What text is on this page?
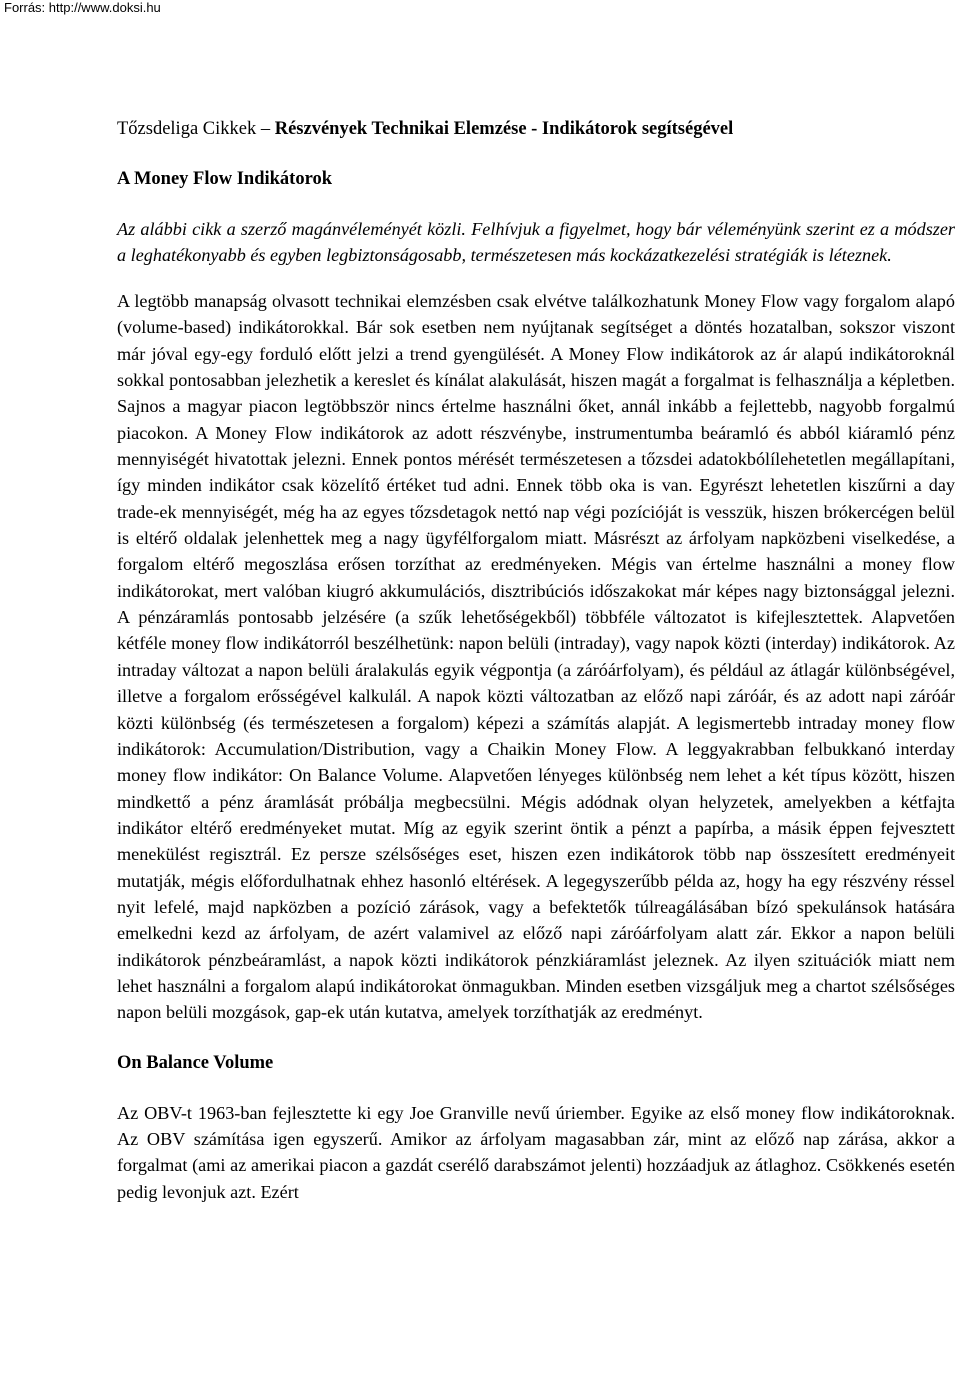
Forrás: http://www.doksi.hu

Tőzsdeliga Cikkek – Részvények Technikai Elemzése - Indikátorok segítségével

A Money Flow Indikátorok

Az alábbi cikk a szerző magánvéleményét közli. Felhívjuk a figyelmet, hogy bár véleményünk szerint ez a módszer a leghatékonyabb és egyben legbiztonságosabb, természetesen más kockázatkezelési stratégiák is léteznek.

A legtöbb manapság olvasott technikai elemzésben csak elvétve találkozhatunk Money Flow vagy forgalom alapó (volume-based) indikátorokkal. Bár sok esetben nem nyújtanak segítséget a döntés hozatalban, sokszor viszont már jóval egy-egy forduló előtt jelzi a trend gyengülését. A Money Flow indikátorok az ár alapú indikátoroknál sokkal pontosabban jelezhetik a kereslet és kínálat alakulását, hiszen magát a forgalmat is felhasználja a képletben. Sajnos a magyar piacon legtöbbször nincs értelme használni őket, annál inkább a fejlettebb, nagyobb forgalmú piacokon. A Money Flow indikátorok az adott részvénybe, instrumentumba beáramló és abból kiáramló pénz mennyiségét hivatottak jelezni. Ennek pontos mérését természetesen a tőzsdei adatokbólílehetetlen megállapítani, így minden indikátor csak közelítő értéket tud adni. Ennek több oka is van. Egyrészt lehetetlen kiszűrni a day trade-ek mennyiségét, még ha az egyes tőzsdetagok nettó nap végi pozícióját is vesszük, hiszen brókercégen belül is eltérő oldalak jelenhettek meg a nagy ügyfélforgalom miatt. Másrészt az árfolyam napközbeni viselkedése, a forgalom eltérő megoszlása erősen torzíthat az eredményeken. Mégis van értelme használni a money flow indikátorokat, mert valóban kiugró akkumulációs, disztribúciós időszakokat már képes nagy biztonsággal jelezni. A pénzáramlás pontosabb jelzésére (a szűk lehetőségekből) többféle változatot is kifejlesztettek. Alapvetően kétféle money flow indikátorról beszélhetünk: napon belüli (intraday), vagy napok közti (interday) indikátorok. Az intraday változat a napon belüli áralakulás egyik végpontja (a záróárfolyam), és például az átlagár különbségével, illetve a forgalom erősségével kalkulál. A napok közti változatban az előző napi záróár, és az adott napi záróár közti különbség (és természetesen a forgalom) képezi a számítás alapját. A legismertebb intraday money flow indikátorok: Accumulation/Distribution, vagy a Chaikin Money Flow. A leggyakrabban felbukkanó interday money flow indikátor: On Balance Volume. Alapvetően lényeges különbség nem lehet a két típus között, hiszen mindkettő a pénz áramlását próbálja megbecsülni. Mégis adódnak olyan helyzetek, amelyekben a kétfajta indikátor eltérő eredményeket mutat. Míg az egyik szerint öntik a pénzt a papírba, a másik éppen fejvesztett menekülést regisztrál. Ez persze szélsőséges eset, hiszen ezen indikátorok több nap összesített eredményeit mutatják, mégis előfordulhatnak ehhez hasonló eltérések. A legegyszerűbb példa az, hogy ha egy részvény réssel nyit lefelé, majd napközben a pozíció zárások, vagy a befektetők túlreagálásában bízó spekulánsok hatására emelkedni kezd az árfolyam, de azért valamivel az előző napi záróárfolyam alatt zár. Ekkor a napon belüli indikátorok pénzbeáramlást, a napok közti indikátorok pénzkiáramlást jeleznek. Az ilyen szituációk miatt nem lehet használni a forgalom alapú indikátorokat önmagukban. Minden esetben vizsgáljuk meg a chartot szélsőséges napon belüli mozgások, gap-ek után kutatva, amelyek torzíthatják az eredményt.

On Balance Volume

Az OBV-t 1963-ban fejlesztette ki egy Joe Granville nevű úriember. Egyike az első money flow indikátoroknak. Az OBV számítása igen egyszerű. Amikor az árfolyam magasabban zár, mint az előző nap zárása, akkor a forgalmat (ami az amerikai piacon a gazdát cserélő darabszámot jelenti) hozzáadjuk az átlaghoz. Csökkenés esetén pedig levonjuk azt. Ezért
